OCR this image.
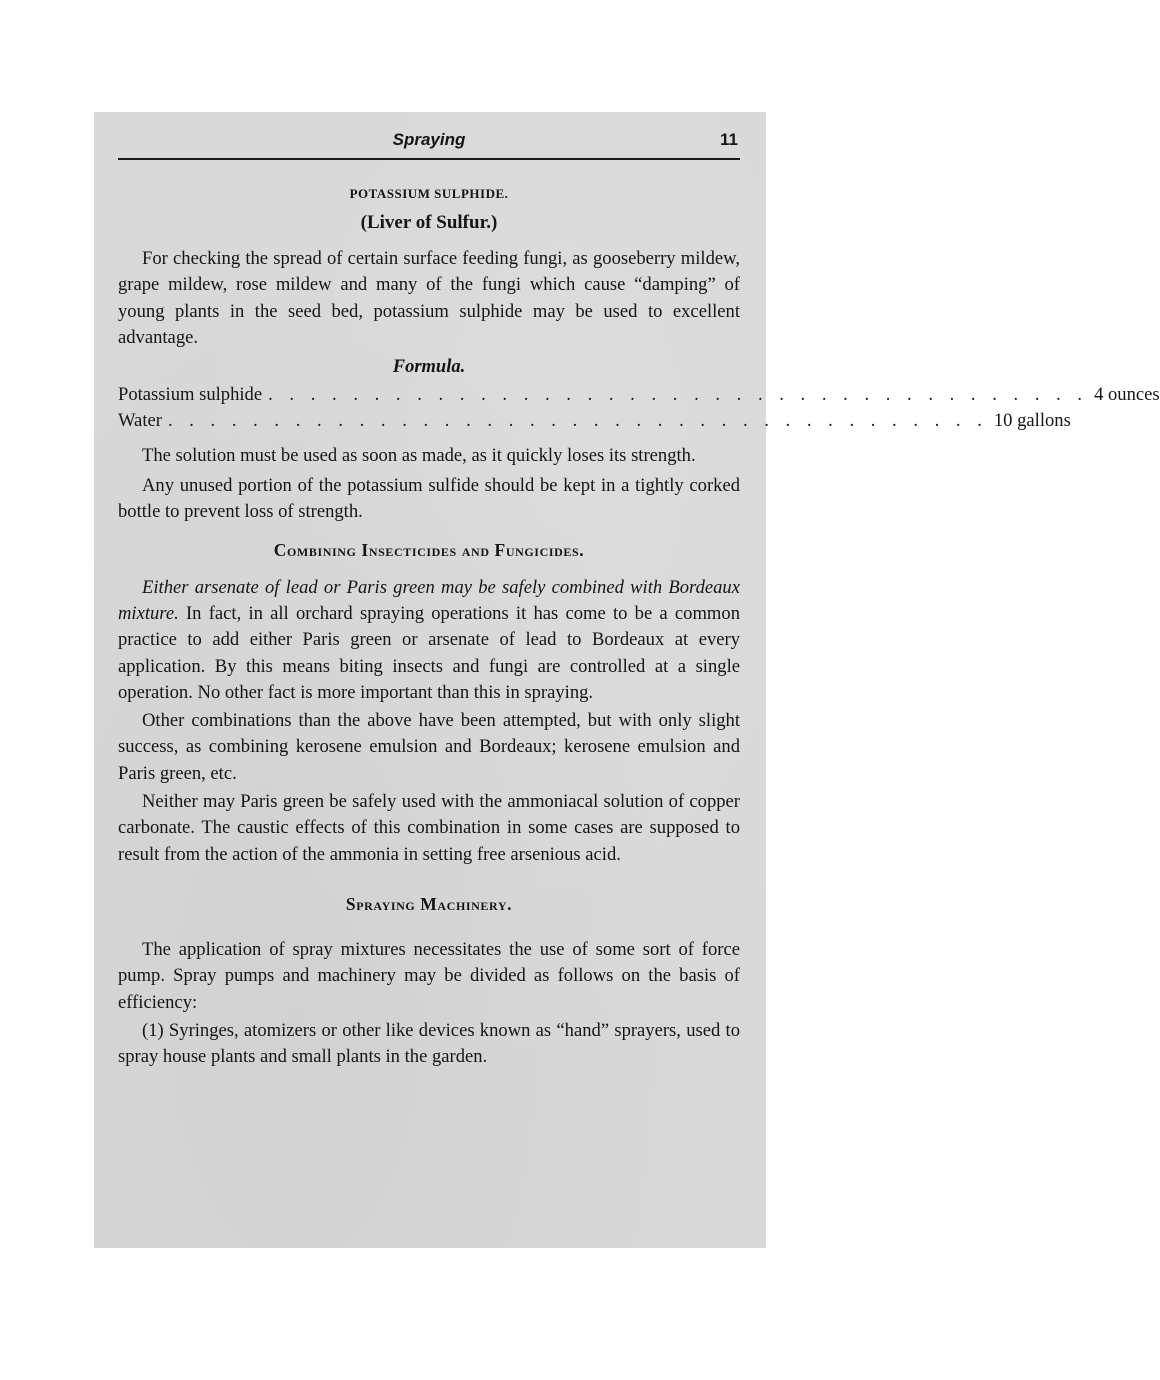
Spraying	11
POTASSIUM SULPHIDE.
(Liver of Sulfur.)

For checking the spread of certain surface feeding fungi, as gooseberry mildew, grape mildew, rose mildew and many of the fungi which cause “damping” of young plants in the seed bed, potassium sulphide may be used to excellent advantage.

Formula.
Potassium sulphide . . . . . . . . . . . . . . . . . . . . . . . . . . . . . . . . . . . . . . . 4 ounces
Water . . . . . . . . . . . . . . . . . . . . . . . . . . . . . . . . . . . . . . . 10 gallons

The solution must be used as soon as made, as it quickly loses its strength.

Any unused portion of the potassium sulfide should be kept in a tightly corked bottle to prevent loss of strength.

Combining Insecticides and Fungicides.

Either arsenate of lead or Paris green may be safely combined with Bordeaux mixture. In fact, in all orchard spraying operations it has come to be a common practice to add either Paris green or arsenate of lead to Bordeaux at every application. By this means biting insects and fungi are controlled at a single operation. No other fact is more important than this in spraying.

Other combinations than the above have been attempted, but with only slight success, as combining kerosene emulsion and Bordeaux; kerosene emulsion and Paris green, etc.

Neither may Paris green be safely used with the ammoniacal solution of copper carbonate. The caustic effects of this combination in some cases are supposed to result from the action of the ammonia in setting free arsenious acid.

Spraying Machinery.

The application of spray mixtures necessitates the use of some sort of force pump. Spray pumps and machinery may be divided as follows on the basis of efficiency:

(1) Syringes, atomizers or other like devices known as “hand” sprayers, used to spray house plants and small plants in the garden.
